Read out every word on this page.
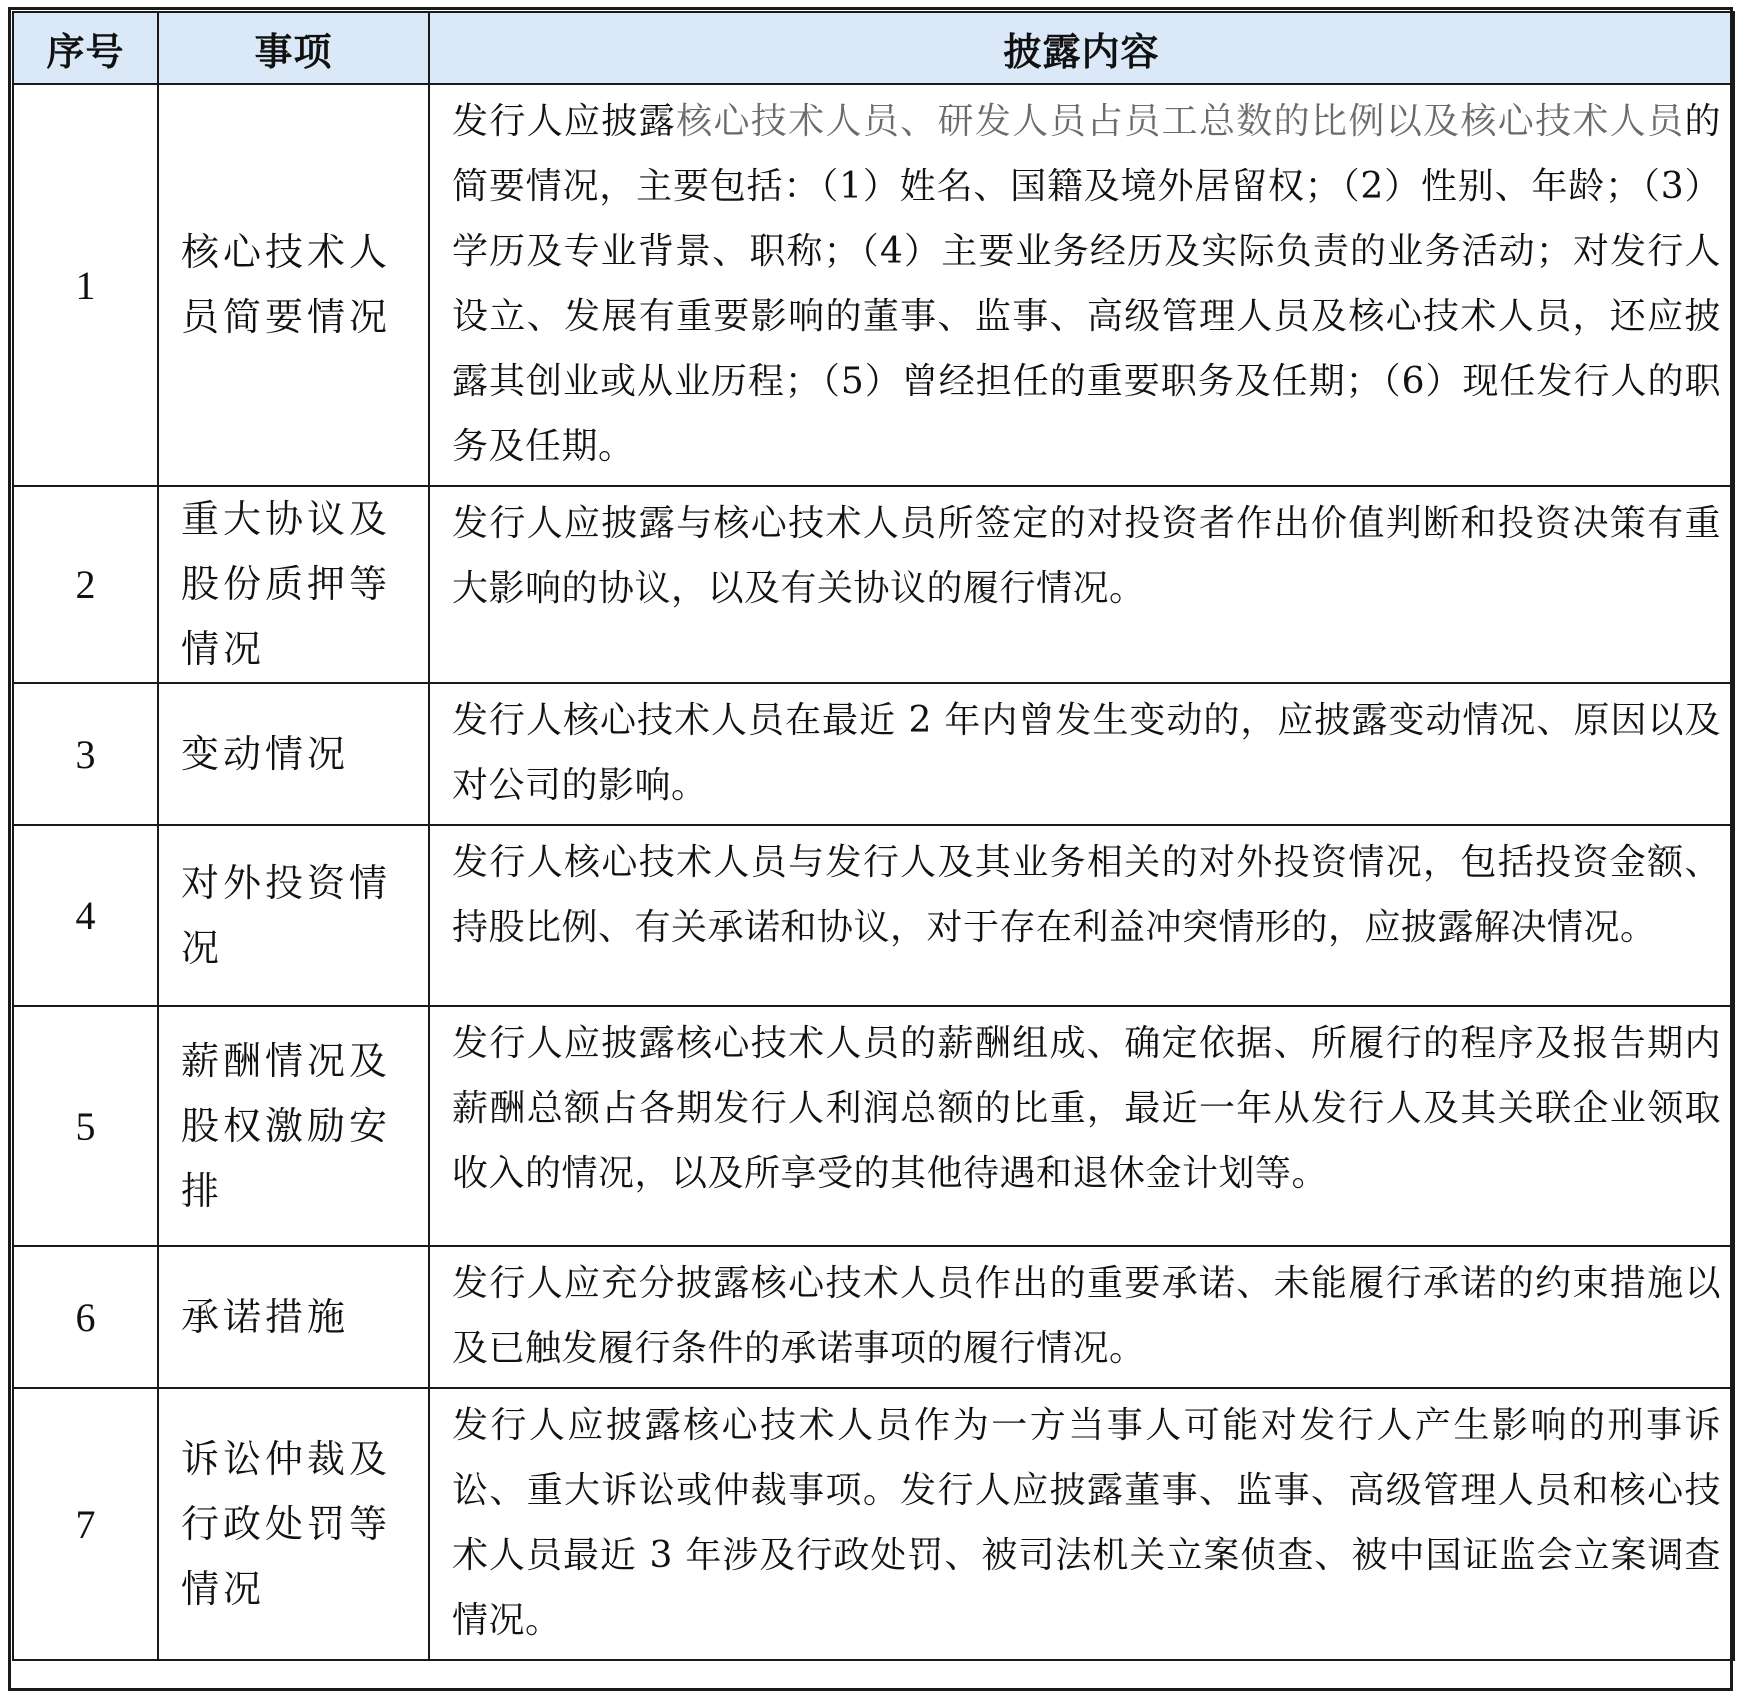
序号	事项	披露内容
1	核心技术人员简要情况	发行人应披露核心技术人员、研发人员占员工总数的比例以及核心技术人员的简要情况，主要包括：（1）姓名、国籍及境外居留权；（2）性别、年龄；（3）学历及专业背景、职称；（4）主要业务经历及实际负责的业务活动；对发行人设立、发展有重要影响的董事、监事、高级管理人员及核心技术人员，还应披露其创业或从业历程；（5）曾经担任的重要职务及任期；（6）现任发行人的职务及任期。
2	重大协议及股份质押等情况	发行人应披露与核心技术人员所签定的对投资者作出价值判断和投资决策有重大影响的协议，以及有关协议的履行情况。
3	变动情况	发行人核心技术人员在最近 2 年内曾发生变动的，应披露变动情况、原因以及对公司的影响。
4	对外投资情况	发行人核心技术人员与发行人及其业务相关的对外投资情况，包括投资金额、持股比例、有关承诺和协议，对于存在利益冲突情形的，应披露解决情况。
5	薪酬情况及股权激励安排	发行人应披露核心技术人员的薪酬组成、确定依据、所履行的程序及报告期内薪酬总额占各期发行人利润总额的比重，最近一年从发行人及其关联企业领取收入的情况，以及所享受的其他待遇和退休金计划等。
6	承诺措施	发行人应充分披露核心技术人员作出的重要承诺、未能履行承诺的约束措施以及已触发履行条件的承诺事项的履行情况。
7	诉讼仲裁及行政处罚等情况	发行人应披露核心技术人员作为一方当事人可能对发行人产生影响的刑事诉讼、重大诉讼或仲裁事项。发行人应披露董事、监事、高级管理人员和核心技术人员最近 3 年涉及行政处罚、被司法机关立案侦查、被中国证监会立案调查情况。
